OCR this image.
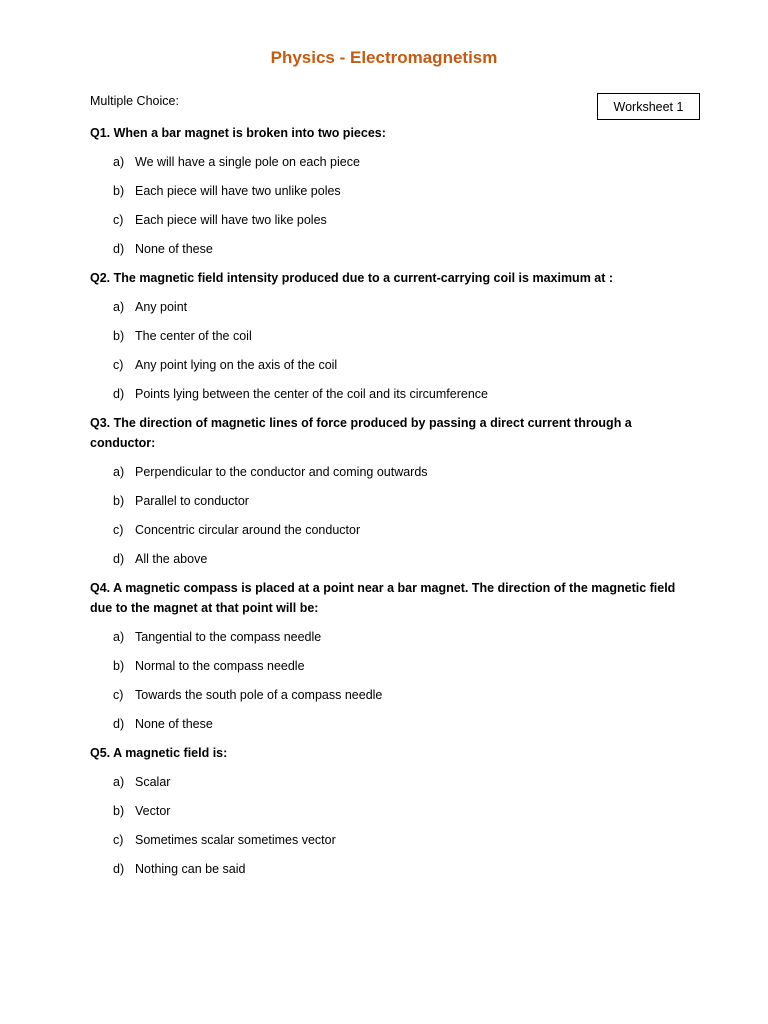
Physics - Electromagnetism
Multiple Choice:	Worksheet 1

Q1. When a bar magnet is broken into two pieces:

a) We will have a single pole on each piece
b) Each piece will have two unlike poles
c) Each piece will have two like poles
d) None of these

Q2. The magnetic field intensity produced due to a current-carrying coil is maximum at :

a) Any point
b) The center of the coil
c) Any point lying on the axis of the coil
d) Points lying between the center of the coil and its circumference

Q3. The direction of magnetic lines of force produced by passing a direct current through a conductor:

a) Perpendicular to the conductor and coming outwards
b) Parallel to conductor
c) Concentric circular around the conductor
d) All the above

Q4. A magnetic compass is placed at a point near a bar magnet. The direction of the magnetic field due to the magnet at that point will be:

a) Tangential to the compass needle
b) Normal to the compass needle
c) Towards the south pole of a compass needle
d) None of these

Q5. A magnetic field is:

a) Scalar
b) Vector
c) Sometimes scalar sometimes vector
d) Nothing can be said
